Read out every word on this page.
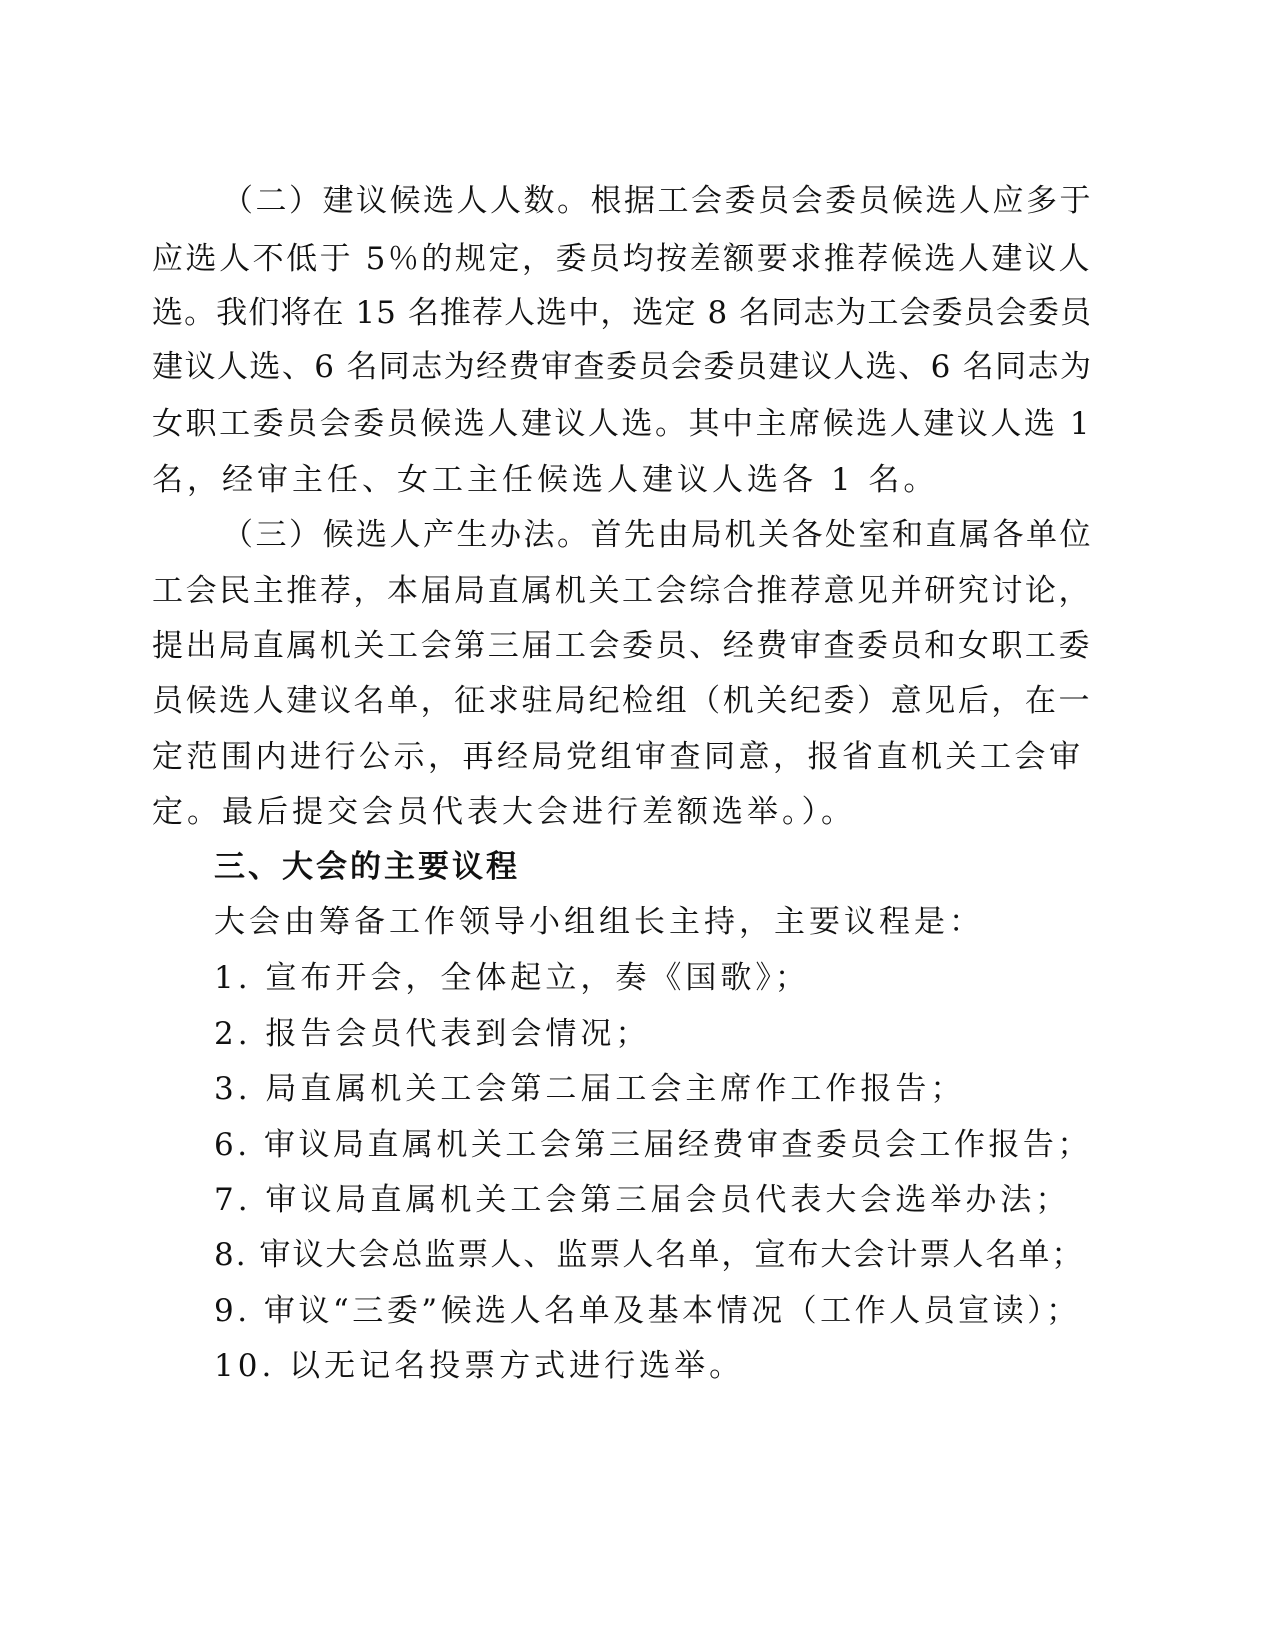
（二）建议候选人人数。根据工会委员会委员候选人应多于
应选人不低于 5％的规定，委员均按差额要求推荐候选人建议人
选。我们将在 15 名推荐人选中，选定 8 名同志为工会委员会委员
建议人选、6 名同志为经费审查委员会委员建议人选、6 名同志为
女职工委员会委员候选人建议人选。其中主席候选人建议人选 1
名，经审主任、女工主任候选人建议人选各 1 名。
（三）候选人产生办法。首先由局机关各处室和直属各单位
工会民主推荐，本届局直属机关工会综合推荐意见并研究讨论，
提出局直属机关工会第三届工会委员、经费审查委员和女职工委
员候选人建议名单，征求驻局纪检组（机关纪委）意见后，在一
定范围内进行公示，再经局党组审查同意，报省直机关工会审
定。最后提交会员代表大会进行差额选举。）。
三、大会的主要议程
大会由筹备工作领导小组组长主持，主要议程是：
1. 宣布开会，全体起立，奏《国歌》；
2. 报告会员代表到会情况；
3. 局直属机关工会第二届工会主席作工作报告；
6. 审议局直属机关工会第三届经费审查委员会工作报告；
7. 审议局直属机关工会第三届会员代表大会选举办法；
8. 审议大会总监票人、监票人名单，宣布大会计票人名单；
9. 审议“三委”候选人名单及基本情况（工作人员宣读）；
10. 以无记名投票方式进行选举。
